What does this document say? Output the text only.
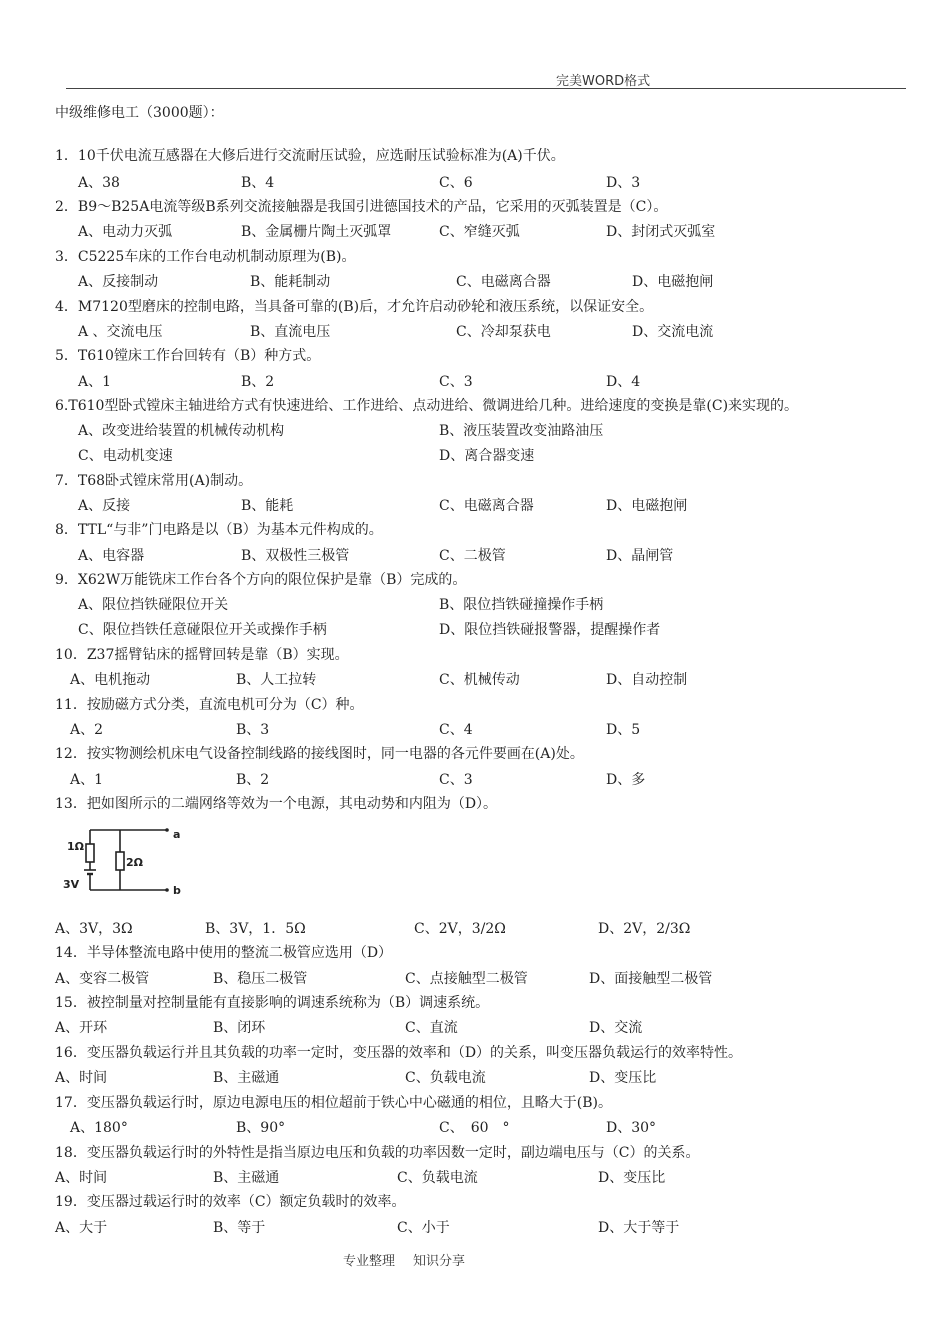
完美WORD格式
中级维修电工（3000题）：
1．10千伏电流互感器在大修后进行交流耐压试验，应选耐压试验标准为(A)千伏。
A、38	B、4	C、6	D、3
2．B9～B25A电流等级B系列交流接触器是我国引进德国技术的产品，它采用的灭弧装置是（C）。
A、电动力灭弧	B、金属栅片陶土灭弧罩	C、窄缝灭弧	D、封闭式灭弧室
3．C5225车床的工作台电动机制动原理为(B)。
A、反接制动	B、能耗制动	C、电磁离合器	D、电磁抱闸
4．M7120型磨床的控制电路，当具备可靠的(B)后，才允许启动砂轮和液压系统，以保证安全。
A 、交流电压	B、直流电压	C、冷却泵获电	D、交流电流
5．T610镗床工作台回转有（B）种方式。
A、1	B、2	C、3	D、4
6.T610型卧式镗床主轴进给方式有快速进给、工作进给、点动进给、微调进给几种。进给速度的变换是靠(C)来实现的。
A、改变进给装置的机械传动机构	B、液压装置改变油路油压
C、电动机变速	D、离合器变速
7．T68卧式镗床常用(A)制动。
A、反接	B、能耗	C、电磁离合器	D、电磁抱闸
8．TTL“与非”门电路是以（B）为基本元件构成的。
A、电容器	B、双极性三极管	C、二极管	D、晶闸管
9．X62W万能铣床工作台各个方向的限位保护是靠（B）完成的。
A、限位挡铁碰限位开关	B、限位挡铁碰撞操作手柄
C、限位挡铁任意碰限位开关或操作手柄	D、限位挡铁碰报警器，提醒操作者
10．Z37摇臂钻床的摇臂回转是靠（B）实现。
A、电机拖动	B、人工拉转	C、机械传动	D、自动控制
11．按励磁方式分类，直流电机可分为（C）种。
A、2	B、3	C、4	D、5
12．按实物测绘机床电气设备控制线路的接线图时，同一电器的各元件要画在(A)处。
A、1	B、2	C、3	D、多
13．把如图所示的二端网络等效为一个电源，其电动势和内阻为（D）。
A、3V，3Ω	B、3V，1．5Ω	C、2V，3/2Ω	D、2V，2/3Ω
14．半导体整流电路中使用的整流二极管应选用（D）
A、变容二极管	B、稳压二极管	C、点接触型二极管	D、面接触型二极管
15．被控制量对控制量能有直接影响的调速系统称为（B）调速系统。
A、开环	B、闭环	C、直流	D、交流
16．变压器负载运行并且其负载的功率一定时，变压器的效率和（D）的关系，叫变压器负载运行的效率特性。
A、时间	B、主磁通	C、负载电流	D、变压比
17．变压器负载运行时，原边电源电压的相位超前于铁心中心磁通的相位，且略大于(B)。
A、180°	B、90°	C、　60　°	D、30°
18．变压器负载运行时的外特性是指当原边电压和负载的功率因数一定时，副边端电压与（C）的关系。
A、时间	B、主磁通	C、负载电流	D、变压比
19．变压器过载运行时的效率（C）额定负载时的效率。
A、大于	B、等于	C、小于	D、大于等于
1Ω
2Ω
3V
a
b
专业整理 知识分享
